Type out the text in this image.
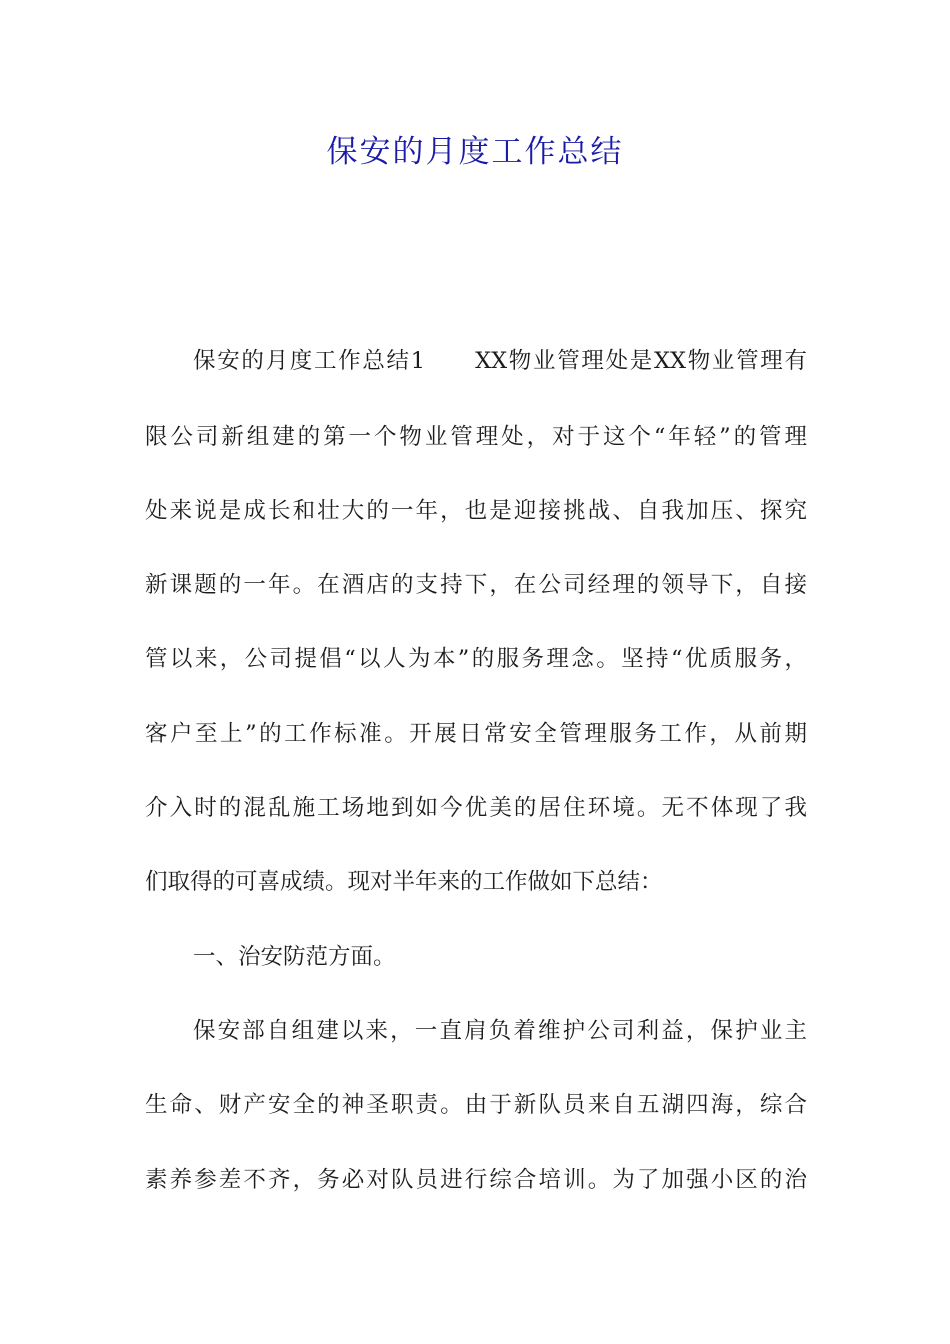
保安的月度工作总结
保安的月度工作总结1 XX物业管理处是XX物业管理有
限公司新组建的第一个物业管理处，对于这个“年轻”的管理
处来说是成长和壮大的一年，也是迎接挑战、自我加压、探究
新课题的一年。在酒店的支持下，在公司经理的领导下，自接
管以来，公司提倡“以人为本”的服务理念。坚持“优质服务，
客户至上”的工作标准。开展日常安全管理服务工作，从前期
介入时的混乱施工场地到如今优美的居住环境。无不体现了我
们取得的可喜成绩。现对半年来的工作做如下总结：
一、治安防范方面。
保安部自组建以来，一直肩负着维护公司利益，保护业主
生命、财产安全的神圣职责。由于新队员来自五湖四海，综合
素养参差不齐，务必对队员进行综合培训。为了加强小区的治
